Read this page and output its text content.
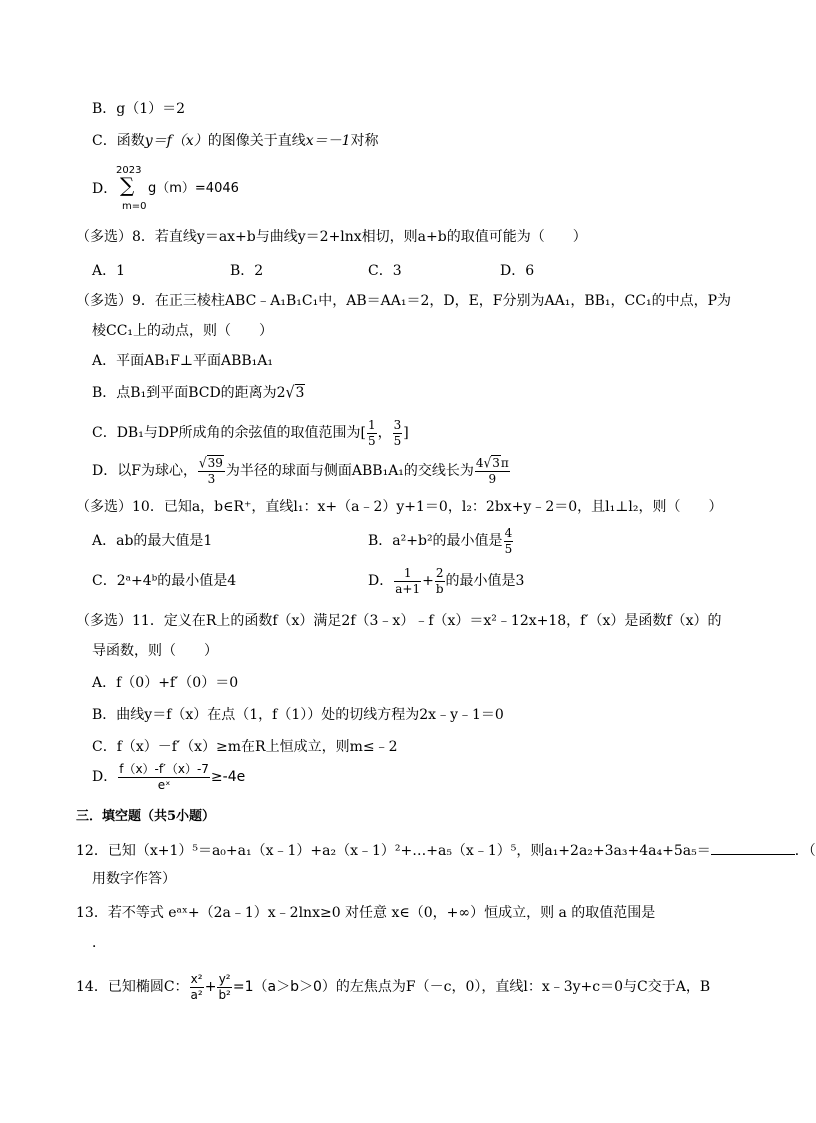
B．g（1）＝2
C．函数y＝f（x）的图像关于直线x＝－1对称
D．
2023
∑
m=0
g（m）=4046
（多选）8．若直线y＝ax+b与曲线y＝2+lnx相切，则a+b的取值可能为（　　）
A．1	B．2	C．3	D．6
（多选）9．在正三棱柱ABC﹣A₁B₁C₁中，AB＝AA₁＝2，D，E，F分别为AA₁，BB₁，CC₁的中点，P为
棱CC₁上的动点，则（　　）
A．平面AB₁F⊥平面ABB₁A₁
B．点B₁到平面BCD的距离为2√3
C．DB₁与DP所成角的余弦值的取值范围为[ $\frac{1}{5}$ ， $\frac{3}{5}$ ]
D．以F为球心， $\frac{√39}{3}$ 为半径的球面与侧面ABB₁A₁的交线长为 $\frac{4√3\pi}{9}$
（多选）10．已知a，b∈R⁺，直线l₁：x+（a﹣2）y+1＝0，l₂：2bx+y﹣2＝0，且l₁⊥l₂，则（　　）
A．ab的最大值是1	B．a²+b²的最小值是 $\frac{4}{5}$
C．2ᵃ+4ᵇ的最小值是4	D． $\frac{1}{a+1} + \frac{2}{b}$ 的最小值是3
（多选）11．定义在R上的函数f（x）满足2f（3﹣x）﹣f（x）＝x²﹣12x+18，f′（x）是函数f（x）的
导函数，则（　　）
A．f（0）+f′（0）＝0
B．曲线y＝f（x）在点（1，f（1））处的切线方程为2x﹣y﹣1＝0
C．f（x）－f′（x）≥m在R上恒成立，则m≤﹣2
D． $\frac{f(x)-f'(x)-7}{\text{eˣ}} \ge-4e$
三．填空题（共5小题）
12．已知（x+1）⁵＝a₀+a₁（x﹣1）+a₂（x﹣1）²+…+a₅（x﹣1）⁵，则a₁+2a₂+3a₃+4a₄+5a₅＝	．（
用数字作答）
13．若不等式 eᵃˣ+（2a﹣1）x﹣2lnx≥0 对任意 x∈（0，+∞）恒成立，则 a 的取值范围是
．
14．已知椭圆C： $\frac{\text{x²}}{\text{a²}} + \frac{\text{y²}}{\text{b²}} =1(a>b>0)$的左焦点为F（－c，0），直线l：x﹣3y+c＝0与C交于A，B
